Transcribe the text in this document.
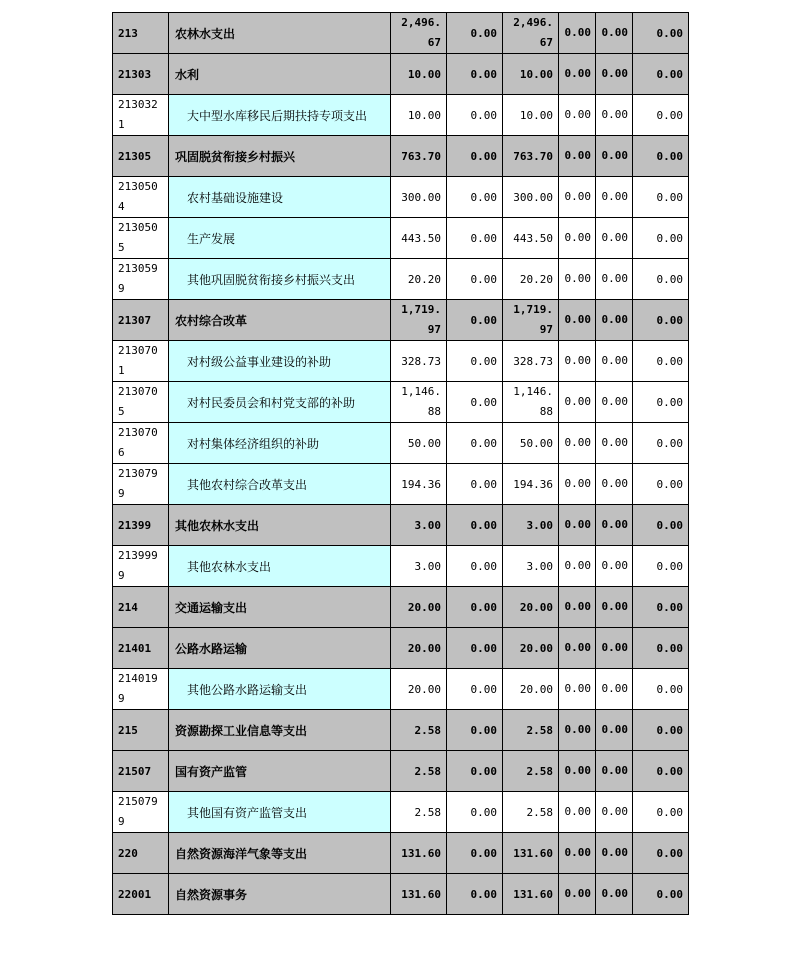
213	农林水支出	2,496.67	0.00	2,496.67	0.00	0.00	0.00
21303	水利	10.00	0.00	10.00	0.00	0.00	0.00
2130321	大中型水库移民后期扶持专项支出	10.00	0.00	10.00	0.00	0.00	0.00
21305	巩固脱贫衔接乡村振兴	763.70	0.00	763.70	0.00	0.00	0.00
2130504	农村基础设施建设	300.00	0.00	300.00	0.00	0.00	0.00
2130505	生产发展	443.50	0.00	443.50	0.00	0.00	0.00
2130599	其他巩固脱贫衔接乡村振兴支出	20.20	0.00	20.20	0.00	0.00	0.00
21307	农村综合改革	1,719.97	0.00	1,719.97	0.00	0.00	0.00
2130701	对村级公益事业建设的补助	328.73	0.00	328.73	0.00	0.00	0.00
2130705	对村民委员会和村党支部的补助	1,146.88	0.00	1,146.88	0.00	0.00	0.00
2130706	对村集体经济组织的补助	50.00	0.00	50.00	0.00	0.00	0.00
2130799	其他农村综合改革支出	194.36	0.00	194.36	0.00	0.00	0.00
21399	其他农林水支出	3.00	0.00	3.00	0.00	0.00	0.00
2139999	其他农林水支出	3.00	0.00	3.00	0.00	0.00	0.00
214	交通运输支出	20.00	0.00	20.00	0.00	0.00	0.00
21401	公路水路运输	20.00	0.00	20.00	0.00	0.00	0.00
2140199	其他公路水路运输支出	20.00	0.00	20.00	0.00	0.00	0.00
215	资源勘探工业信息等支出	2.58	0.00	2.58	0.00	0.00	0.00
21507	国有资产监管	2.58	0.00	2.58	0.00	0.00	0.00
2150799	其他国有资产监管支出	2.58	0.00	2.58	0.00	0.00	0.00
220	自然资源海洋气象等支出	131.60	0.00	131.60	0.00	0.00	0.00
22001	自然资源事务	131.60	0.00	131.60	0.00	0.00	0.00
